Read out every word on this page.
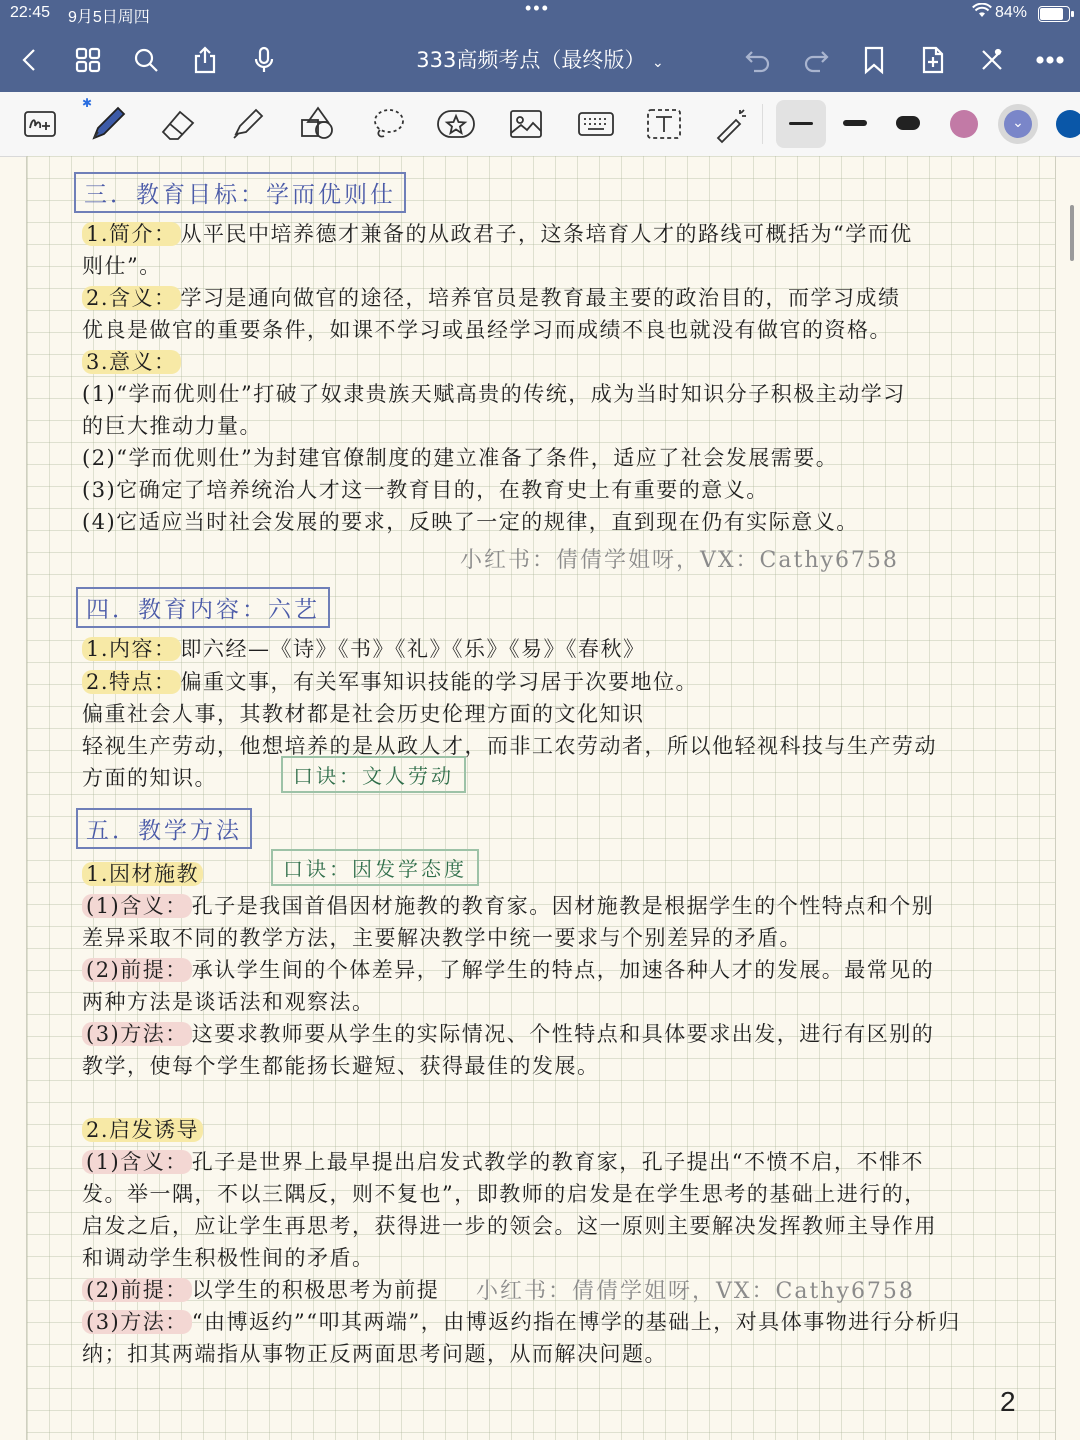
22:45 9月5日周四	•••	84%
333高频考点（最终版） ⌄
✱
⌄
三．教育目标：学而优则仕
1.简介： 从平民中培养德才兼备的从政君子，这条培育人才的路线可概括为“学而优
则仕”。
2.含义： 学习是通向做官的途径，培养官员是教育最主要的政治目的，而学习成绩
优良是做官的重要条件，如课不学习或虽经学习而成绩不良也就没有做官的资格。
3.意义：
(1)“学而优则仕”打破了奴隶贵族天赋高贵的传统，成为当时知识分子积极主动学习
的巨大推动力量。
(2)“学而优则仕”为封建官僚制度的建立准备了条件，适应了社会发展需要。
(3)它确定了培养统治人才这一教育目的，在教育史上有重要的意义。
(4)它适应当时社会发展的要求，反映了一定的规律，直到现在仍有实际意义。
小红书：倩倩学姐呀，VX：Cathy6758
四．教育内容：六艺
1.内容： 即六经—《诗》《书》《礼》《乐》《易》《春秋》
2.特点： 偏重文事，有关军事知识技能的学习居于次要地位。
偏重社会人事，其教材都是社会历史伦理方面的文化知识
轻视生产劳动，他想培养的是从政人才，而非工农劳动者，所以他轻视科技与生产劳动
方面的知识。	口诀：文人劳动
五．教学方法
口诀：因发学态度
1.因材施教
(1)含义： 孔子是我国首倡因材施教的教育家。因材施教是根据学生的个性特点和个别
差异采取不同的教学方法，主要解决教学中统一要求与个别差异的矛盾。
(2)前提： 承认学生间的个体差异，了解学生的特点，加速各种人才的发展。最常见的
两种方法是谈话法和观察法。
(3)方法： 这要求教师要从学生的实际情况、个性特点和具体要求出发，进行有区别的
教学，使每个学生都能扬长避短、获得最佳的发展。
2.启发诱导
(1)含义： 孔子是世界上最早提出启发式教学的教育家，孔子提出“不愤不启，不悱不
发。举一隅，不以三隅反，则不复也”，即教师的启发是在学生思考的基础上进行的，
启发之后，应让学生再思考，获得进一步的领会。这一原则主要解决发挥教师主导作用
和调动学生积极性间的矛盾。
(2)前提： 以学生的积极思考为前提 小红书：倩倩学姐呀，VX：Cathy6758
(3)方法： “由博返约”“叩其两端”，由博返约指在博学的基础上，对具体事物进行分析归
纳；扣其两端指从事物正反两面思考问题，从而解决问题。
2
